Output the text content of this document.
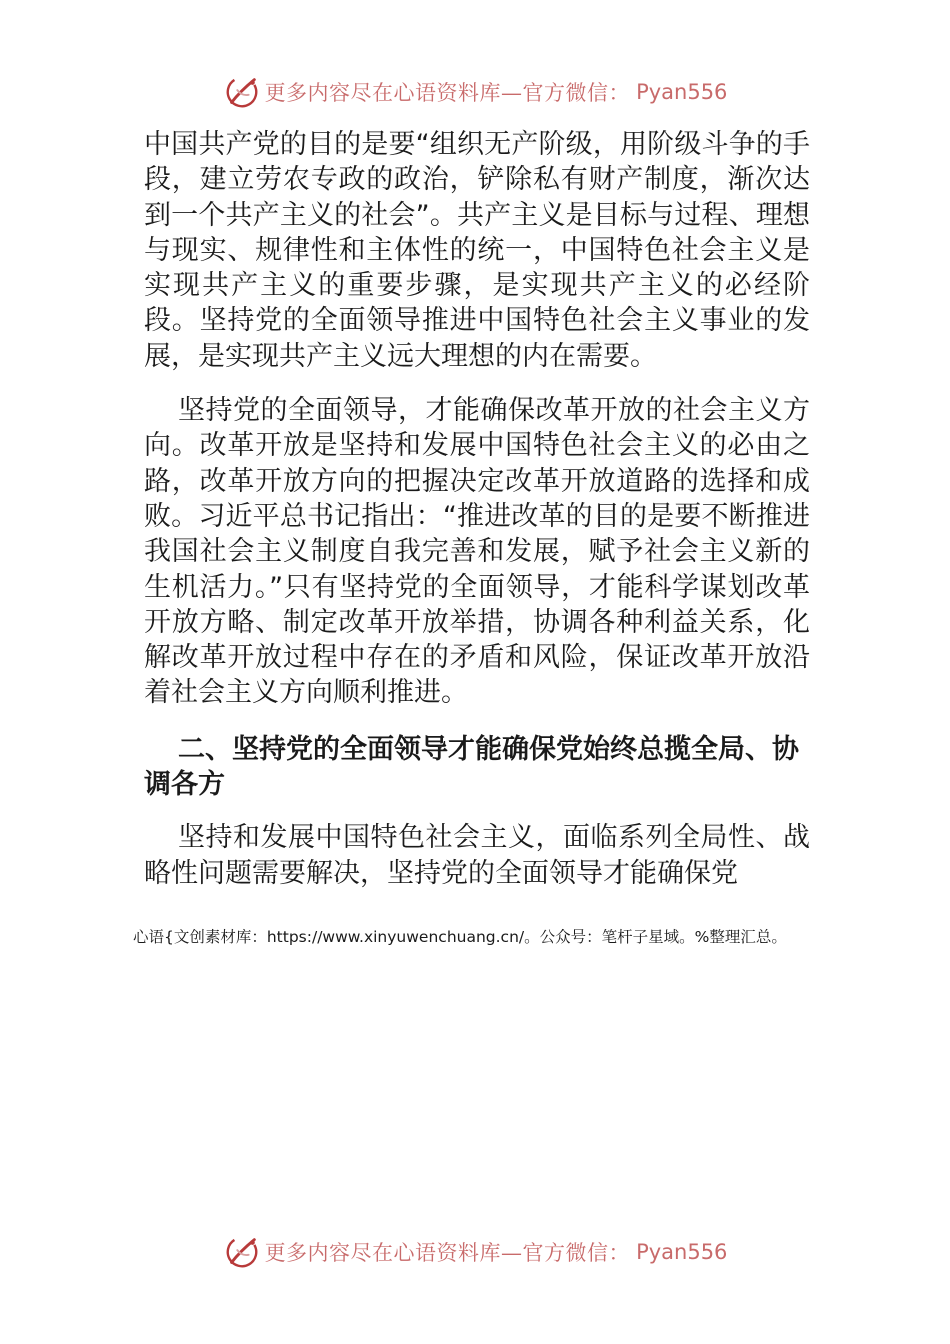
更多内容尽在心语资料库—官方微信： Pyan556

中国共产党的目的是要“组织无产阶级，用阶级斗争的手段，建立劳农专政的政治，铲除私有财产制度，渐次达到一个共产主义的社会”。共产主义是目标与过程、理想与现实、规律性和主体性的统一，中国特色社会主义是实现共产主义的重要步骤，是实现共产主义的必经阶段。坚持党的全面领导推进中国特色社会主义事业的发展，是实现共产主义远大理想的内在需要。

坚持党的全面领导，才能确保改革开放的社会主义方向。改革开放是坚持和发展中国特色社会主义的必由之路，改革开放方向的把握决定改革开放道路的选择和成败。习近平总书记指出：“推进改革的目的是要不断推进我国社会主义制度自我完善和发展，赋予社会主义新的生机活力。”只有坚持党的全面领导，才能科学谋划改革开放方略、制定改革开放举措，协调各种利益关系，化解改革开放过程中存在的矛盾和风险，保证改革开放沿着社会主义方向顺利推进。

二、坚持党的全面领导才能确保党始终总揽全局、协调各方

坚持和发展中国特色社会主义，面临系列全局性、战略性问题需要解决，坚持党的全面领导才能确保党

心语{文创素材库：https://www.xinyuwenchuang.cn/。公众号：笔杆子星域。%整理汇总。
更多内容尽在心语资料库—官方微信： Pyan556
